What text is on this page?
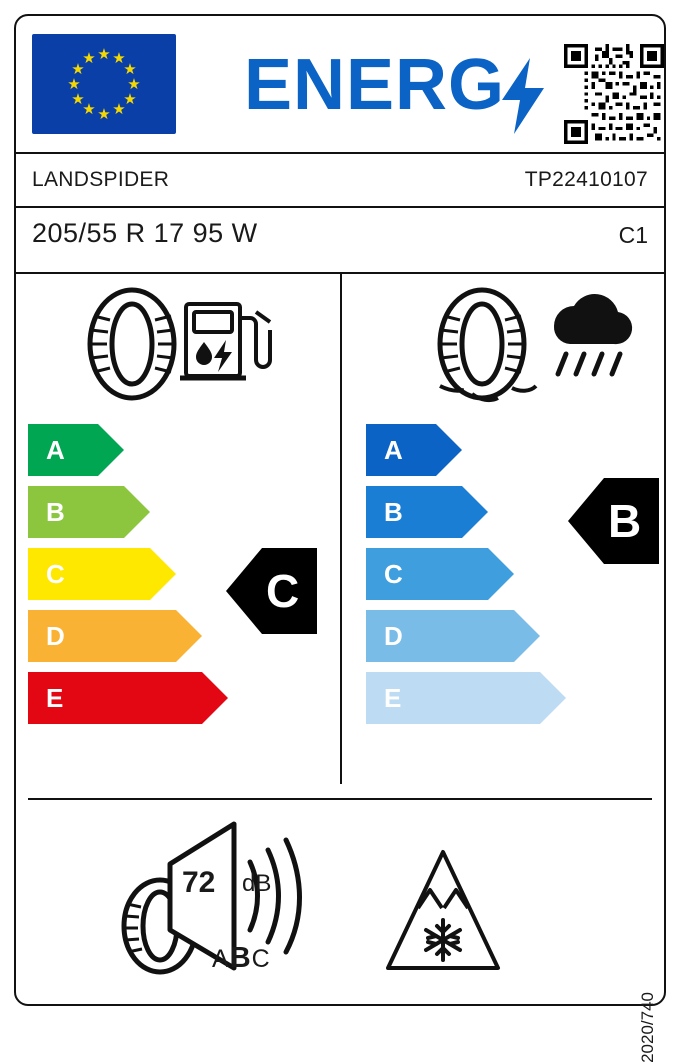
★ ★
★
★
★
★
★
★
★
★
★
★ ENERG
LANDSPIDER	TP22410107
205/55 R 17 95 W	C1
A
B
C
D
E
A
B
C
D
E
C
B
72 dB
ABC
2020/740
